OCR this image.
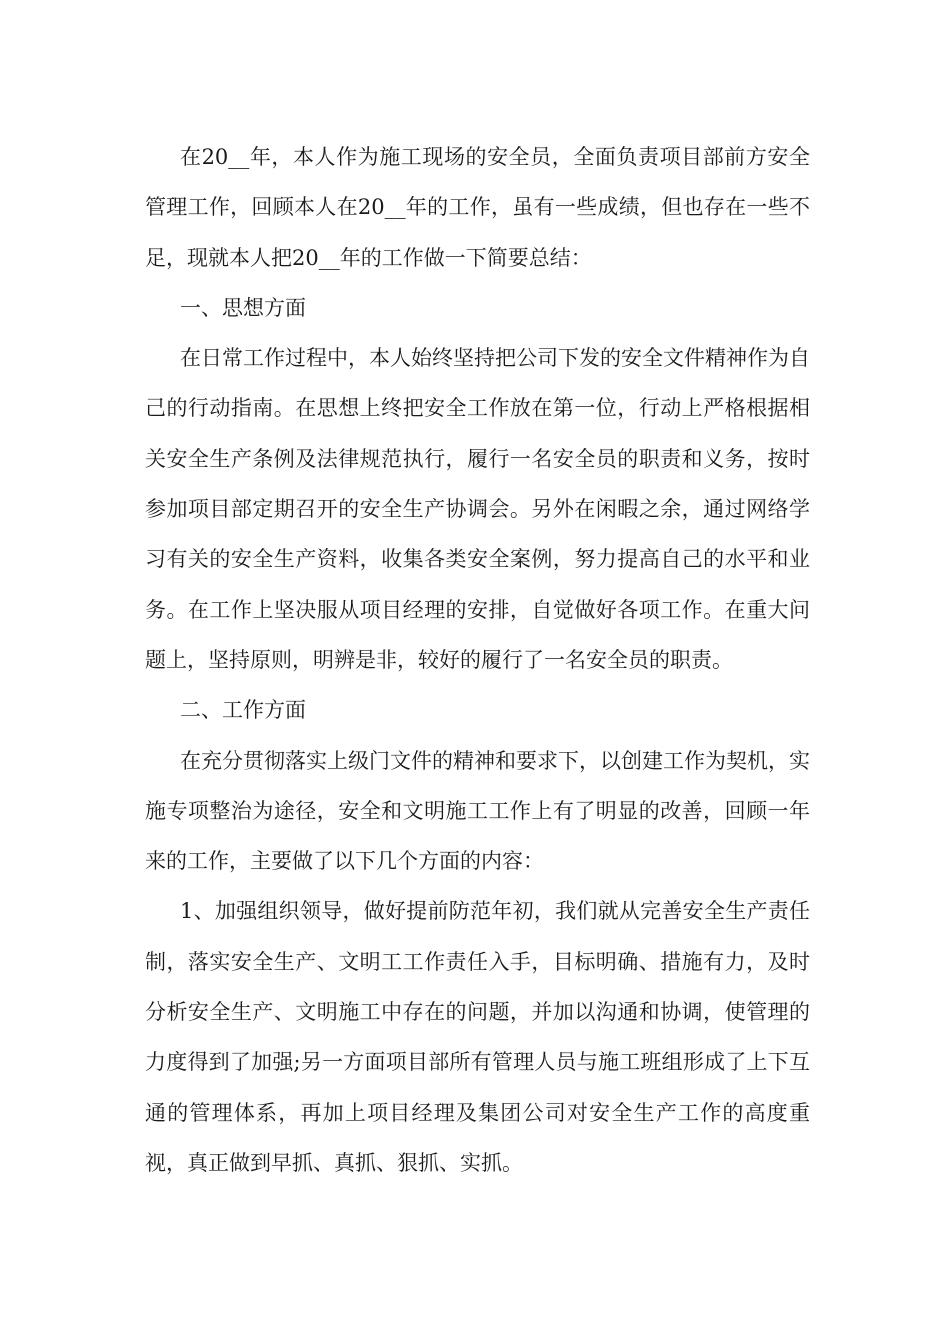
在20__年，本人作为施工现场的安全员，全面负责项目部前方安全管理工作，回顾本人在20__年的工作，虽有一些成绩，但也存在一些不足，现就本人把20__年的工作做一下简要总结：

一、思想方面

在日常工作过程中，本人始终坚持把公司下发的安全文件精神作为自己的行动指南。在思想上终把安全工作放在第一位，行动上严格根据相关安全生产条例及法律规范执行，履行一名安全员的职责和义务，按时参加项目部定期召开的安全生产协调会。另外在闲暇之余，通过网络学习有关的安全生产资料，收集各类安全案例，努力提高自己的水平和业务。在工作上坚决服从项目经理的安排，自觉做好各项工作。在重大问题上，坚持原则，明辨是非，较好的履行了一名安全员的职责。

二、工作方面

在充分贯彻落实上级门文件的精神和要求下，以创建工作为契机，实施专项整治为途径，安全和文明施工工作上有了明显的改善，回顾一年来的工作，主要做了以下几个方面的内容：

1、加强组织领导，做好提前防范年初，我们就从完善安全生产责任制，落实安全生产、文明工工作责任入手，目标明确、措施有力，及时分析安全生产、文明施工中存在的问题，并加以沟通和协调，使管理的力度得到了加强;另一方面项目部所有管理人员与施工班组形成了上下互通的管理体系，再加上项目经理及集团公司对安全生产工作的高度重视，真正做到早抓、真抓、狠抓、实抓。
